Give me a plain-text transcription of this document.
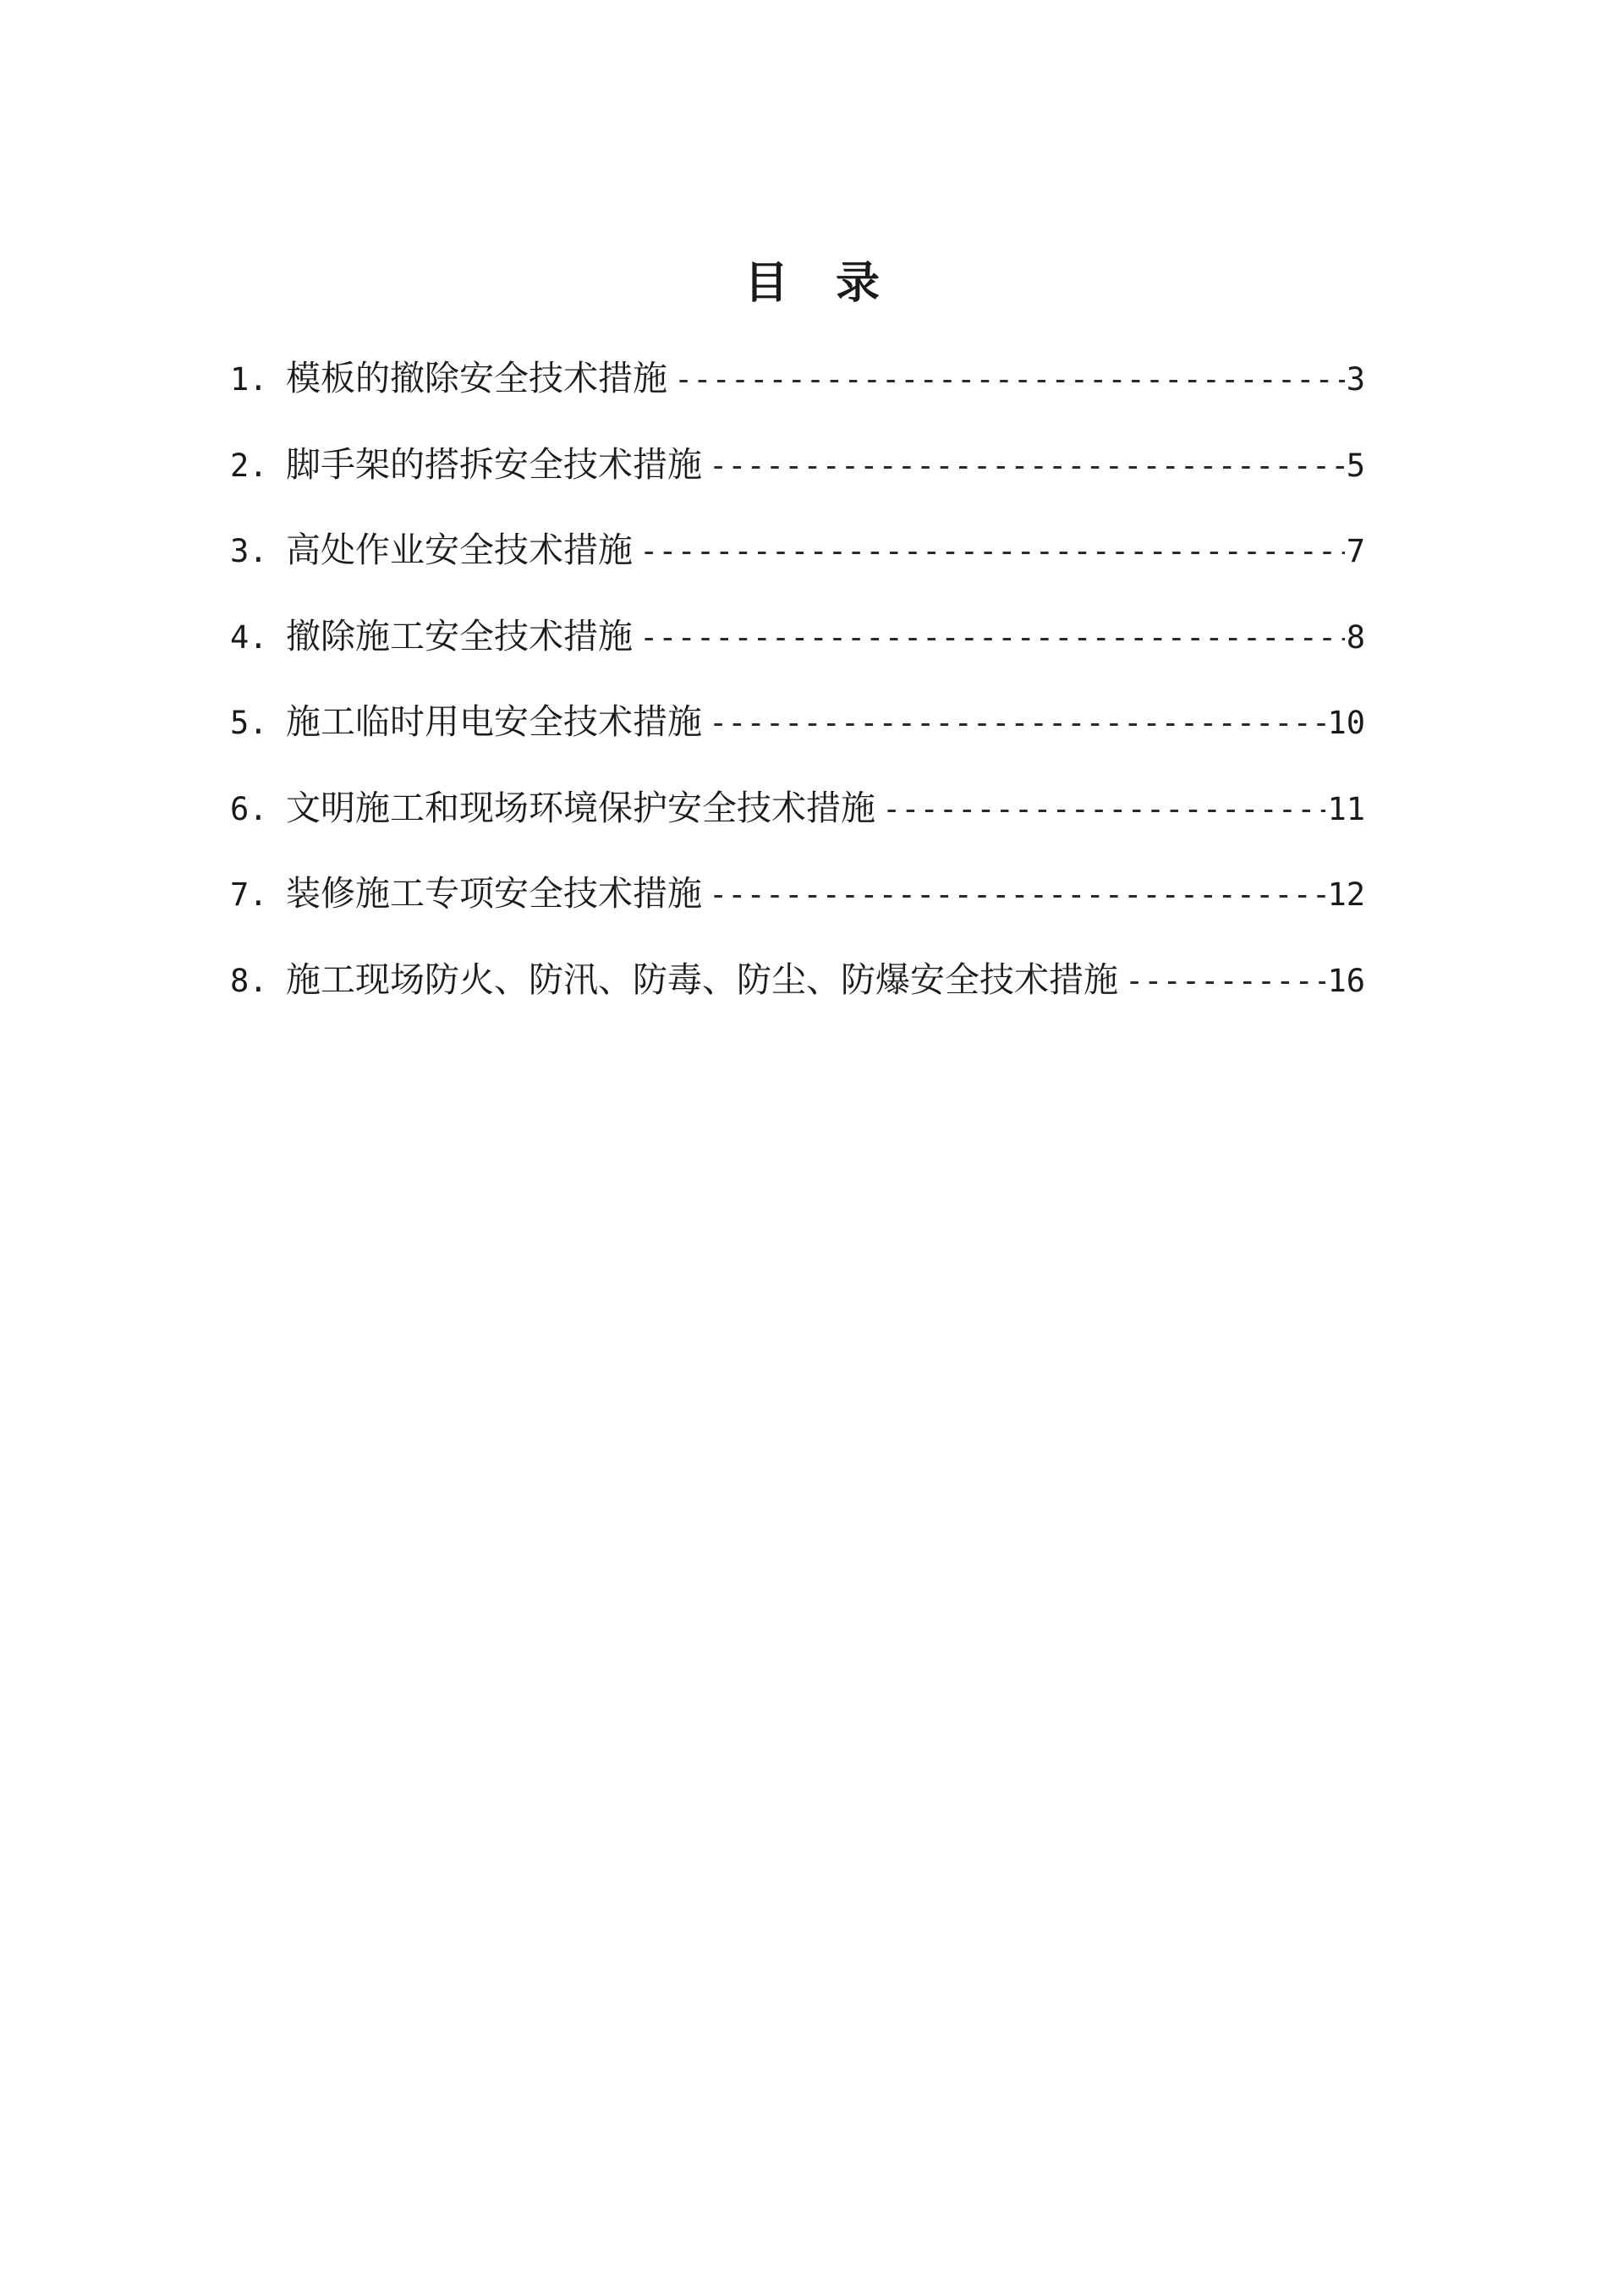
目 录
1. 模板的撤除安全技术措施 -----	3
2. 脚手架的搭拆安全技术措施 -----	5
3. 高处作业安全技术措施 -----	7
4. 撤除施工安全技术措施 -----	8
5. 施工临时用电安全技术措施 -----	10
6. 文明施工和现场环境保护安全技术措施 -----	11
7. 装修施工专项安全技术措施 -----	12
8. 施工现场防火、防汛、防毒、防尘、防爆安全技术措施 -----	16
